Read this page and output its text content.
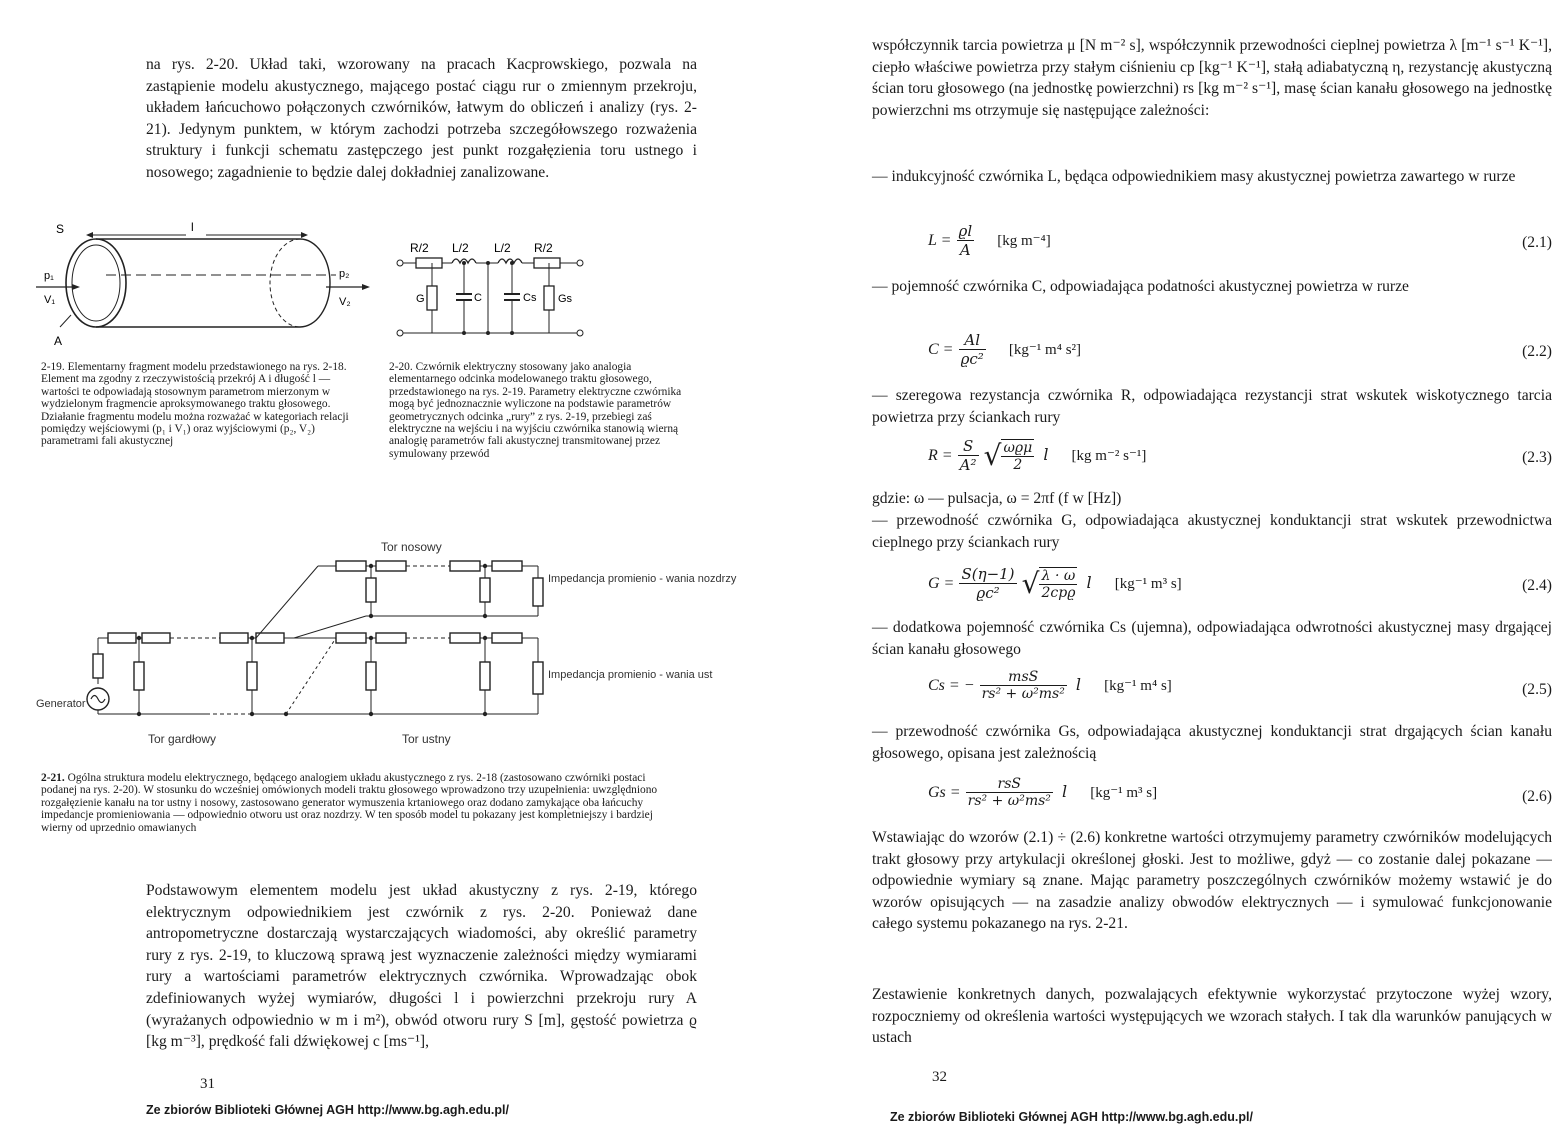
na rys. 2-20. Układ taki, wzorowany na pracach Kacprowskiego, pozwala na zastąpienie modelu akustycznego, mającego postać ciągu rur o zmiennym przekroju, układem łańcuchowo połączonych czwórników, łatwym do obliczeń i analizy (rys. 2-21). Jedynym punktem, w którym zachodzi potrzeba szczegółowszego rozważenia struktury i funkcji schematu zastępczego jest punkt rozgałęzienia toru ustnego i nosowego; zagadnienie to będzie dalej dokładniej zanalizowane.

S	l
p₁
V₁
p₂
V₂
A

2-19. Elementarny fragment modelu przedstawionego na rys. 2-18. Element ma zgodny z rzeczywistością przekrój A i długość l — wartości te odpowiadają stosownym parametrom mierzonym w wydzielonym fragmencie aproksymowanego traktu głosowego. Działanie fragmentu modelu można rozważać w kategoriach relacji pomiędzy wejściowymi (p₁ i V₁) oraz wyjściowymi (p₂, V₂) parametrami fali akustycznej

R/2 L/2 L/2 R/2
G	C	Cs Gs

2-20. Czwórnik elektryczny stosowany jako analogia elementarnego odcinka modelowanego traktu głosowego, przedstawionego na rys. 2-19. Parametry elektryczne czwórnika mogą być jednoznacznie wyliczone na podstawie parametrów geometrycznych odcinka „rury” z rys. 2-19, przebiegi zaś elektryczne na wejściu i na wyjściu czwórnika stanowią wierną analogię parametrów fali akustycznej transmitowanej przez symulowany przewód

Tor nosowy
Impedancja promienio - wania nozdrzy
Generator
Impedancja promienio - wania ust
Tor gardłowy	Tor ustny

2-21. Ogólna struktura modelu elektrycznego, będącego analogiem układu akustycznego z rys. 2-18 (zastosowano czwórniki postaci podanej na rys. 2-20). W stosunku do wcześniej omówionych modeli traktu głosowego wprowadzono trzy uzupełnienia: uwzględniono rozgałęzienie kanału na tor ustny i nosowy, zastosowano generator wymuszenia krtaniowego oraz dodano zamykające oba łańcuchy impedancje promieniowania — odpowiednio otworu ust oraz nozdrzy. W ten sposób model tu pokazany jest kompletniejszy i bardziej wierny od uprzednio omawianych

Podstawowym elementem modelu jest układ akustyczny z rys. 2-19, którego elektrycznym odpowiednikiem jest czwórnik z rys. 2-20. Ponieważ dane antropometryczne dostarczają wystarczających wiadomości, aby określić parametry rury z rys. 2-19, to kluczową sprawą jest wyznaczenie zależności między wymiarami rury a wartościami parametrów elektrycznych czwórnika. Wprowadzając obok zdefiniowanych wyżej wymiarów, długości l i powierzchni przekroju rury A (wyrażanych odpowiednio w m i m²), obwód otworu rury S [m], gęstość powietrza ϱ [kg m⁻³], prędkość fali dźwiękowej c [ms⁻¹],

31
Ze zbiorów Biblioteki Głównej AGH http://www.bg.agh.edu.pl/

współczynnik tarcia powietrza μ [N m⁻² s], współczynnik przewodności cieplnej powietrza λ [m⁻¹ s⁻¹ K⁻¹], ciepło właściwe powietrza przy stałym ciśnieniu cp [kg⁻¹ K⁻¹], stałą adiabatyczną η, rezystancję akustyczną ścian toru głosowego (na jednostkę powierzchni) rs [kg m⁻² s⁻¹], masę ścian kanału głosowego na jednostkę powierzchni ms otrzymuje się następujące zależności:

— indukcyjność czwórnika L, będąca odpowiednikiem masy akustycznej powietrza zawartego w rurze

$L = \frac{ϱl}{A} [kg$ m⁻⁴]	(2.1)

— pojemność czwórnika C, odpowiadająca podatności akustycznej powietrza w rurze

$C = \frac{Al}{\text{ϱc²}} [kg^{-1}$ m⁴ s²]	(2.2)

— szeregowa rezystancja czwórnika R, odpowiadająca rezystancji strat wskutek wiskotycznego tarcia powietrza przy ściankach rury

$R = \frac{S}{\text{A²}}$ √ $\frac{\text{ωϱμ}}{2}$ l [kg m⁻² s⁻¹]	(2.3)

gdzie: ω — pulsacja, ω = 2πf (f w [Hz])

— przewodność czwórnika G, odpowiadająca akustycznej konduktancji strat wskutek przewodnictwa cieplnego przy ściankach rury

$G = \frac{S(\eta-1)}{\text{ϱc²}}$ √ $\frac{\lambda \cdot \omega}{\text{2cpϱ}}$ l [kg⁻¹ m³ s]	(2.4)

— dodatkowa pojemność czwórnika Cs (ujemna), odpowiadająca odwrotności akustycznej masy drgającej ścian kanału głosowego

Cs = − $\frac{\text{msS}}{\text{rs² + ω²ms²}}$ l [kg⁻¹ m⁴ s]	(2.5)

— przewodność czwórnika Gs, odpowiadająca akustycznej konduktancji strat drgających ścian kanału głosowego, opisana jest zależnością

$Gs = \frac{\text{rsS}}{\text{rs² + ω²ms²}}$ l [kg⁻¹ m³ s]	(2.6)

Wstawiając do wzorów (2.1) ÷ (2.6) konkretne wartości otrzymujemy parametry czwórników modelujących trakt głosowy przy artykulacji określonej głoski. Jest to możliwe, gdyż — co zostanie dalej pokazane — odpowiednie wymiary są znane. Mając parametry poszczególnych czwórników możemy wstawić je do wzorów opisujących — na zasadzie analizy obwodów elektrycznych — i symulować funkcjonowanie całego systemu pokazanego na rys. 2-21.

Zestawienie konkretnych danych, pozwalających efektywnie wykorzystać przytoczone wyżej wzory, rozpoczniemy od określenia wartości występujących we wzorach stałych. I tak dla warunków panujących w ustach

32
Ze zbiorów Biblioteki Głównej AGH http://www.bg.agh.edu.pl/
